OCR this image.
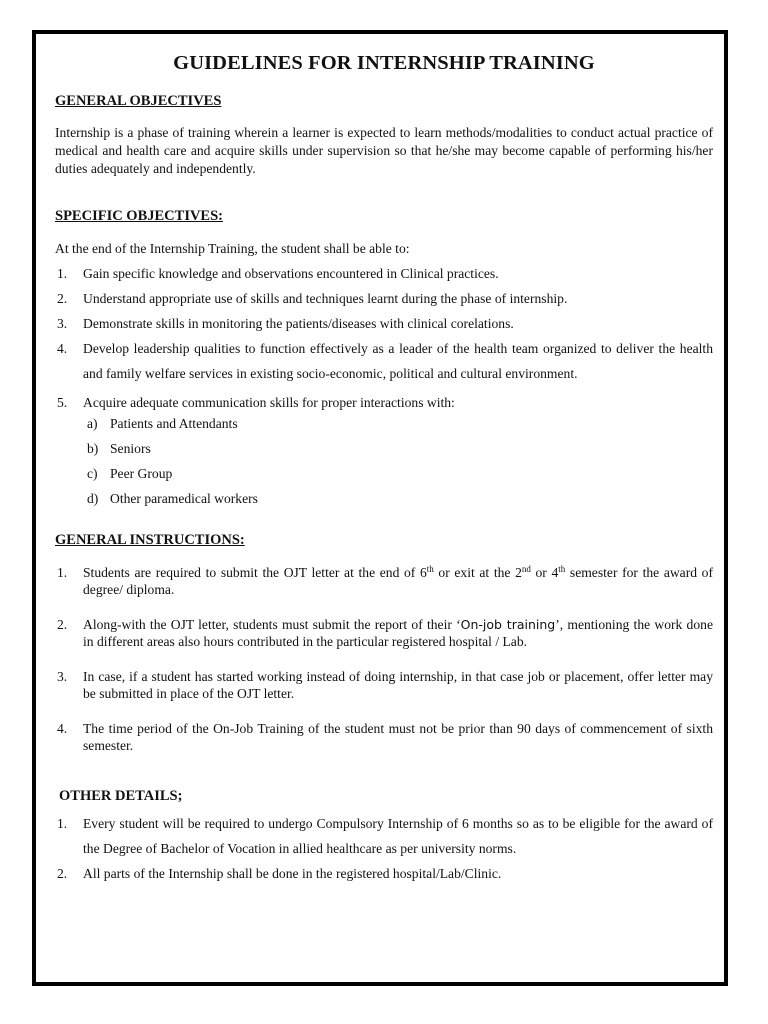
GUIDELINES FOR INTERNSHIP TRAINING
GENERAL OBJECTIVES

Internship is a phase of training wherein a learner is expected to learn methods/modalities to conduct actual practice of medical and health care and acquire skills under supervision so that he/she may become capable of performing his/her duties adequately and independently.

SPECIFIC OBJECTIVES:

At the end of the Internship Training, the student shall be able to:

1. Gain specific knowledge and observations encountered in Clinical practices.
2. Understand appropriate use of skills and techniques learnt during the phase of internship.
3. Demonstrate skills in monitoring the patients/diseases with clinical corelations.
4. Develop leadership qualities to function effectively as a leader of the health team organized to deliver the health and family welfare services in existing socio-economic, political and cultural environment.
5. Acquire adequate communication skills for proper interactions with:
a) Patients and Attendants
b) Seniors
c) Peer Group
d) Other paramedical workers
GENERAL INSTRUCTIONS:
1. Students are required to submit the OJT letter at the end of 6th or exit at the 2nd or 4th semester for the award of degree/ diploma.
2. Along-with the OJT letter, students must submit the report of their ‘On-job training’, mentioning the work done in different areas also hours contributed in the particular registered hospital / Lab.
3. In case, if a student has started working instead of doing internship, in that case job or placement, offer letter may be submitted in place of the OJT letter.
4. The time period of the On-Job Training of the student must not be prior than 90 days of commencement of sixth semester.
OTHER DETAILS;
1. Every student will be required to undergo Compulsory Internship of 6 months so as to be eligible for the award of the Degree of Bachelor of Vocation in allied healthcare as per university norms.
2. All parts of the Internship shall be done in the registered hospital/Lab/Clinic.
